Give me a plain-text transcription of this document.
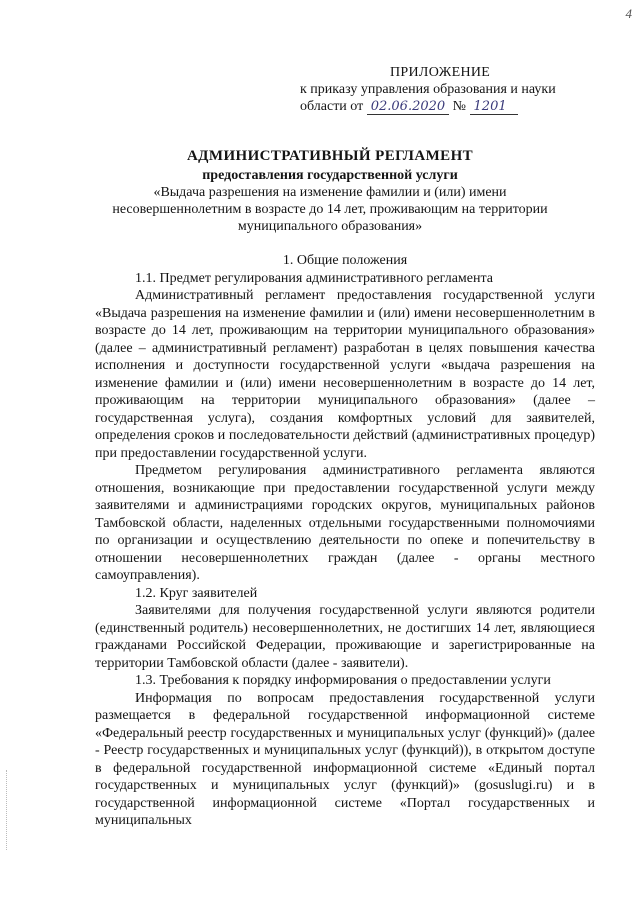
4
ПРИЛОЖЕНИЕ
к приказу управления образования и науки
области от 02.06.2020 № 1201
АДМИНИСТРАТИВНЫЙ РЕГЛАМЕНТ
предоставления государственной услуги
«Выдача разрешения на изменение фамилии и (или) имени
несовершеннолетним в возрасте до 14 лет, проживающим на территории
муниципального образования»
1. Общие положения
1.1. Предмет регулирования административного регламента

Административный регламент предоставления государственной услуги «Выдача разрешения на изменение фамилии и (или) имени несовершеннолетним в возрасте до 14 лет, проживающим на территории муниципального образования» (далее – административный регламент) разработан в целях повышения качества исполнения и доступности государственной услуги «выдача разрешения на изменение фамилии и (или) имени несовершеннолетним в возрасте до 14 лет, проживающим на территории муниципального образования» (далее – государственная услуга), создания комфортных условий для заявителей, определения сроков и последовательности действий (административных процедур) при предоставлении государственной услуги.

Предметом регулирования административного регламента являются отношения, возникающие при предоставлении государственной услуги между заявителями и администрациями городских округов, муниципальных районов Тамбовской области, наделенных отдельными государственными полномочиями по организации и осуществлению деятельности по опеке и попечительству в отношении несовершеннолетних граждан (далее - органы местного самоуправления).

1.2. Круг заявителей

Заявителями для получения государственной услуги являются родители (единственный родитель) несовершеннолетних, не достигших 14 лет, являющиеся гражданами Российской Федерации, проживающие и зарегистрированные на территории Тамбовской области (далее - заявители).

1.3. Требования к порядку информирования о предоставлении услуги

Информация по вопросам предоставления государственной услуги размещается в федеральной государственной информационной системе «Федеральный реестр государственных и муниципальных услуг (функций)» (далее - Реестр государственных и муниципальных услуг (функций)), в открытом доступе в федеральной государственной информационной системе «Единый портал государственных и муниципальных услуг (функций)» (gosuslugi.ru) и в государственной информационной системе «Портал государственных и муниципальных
